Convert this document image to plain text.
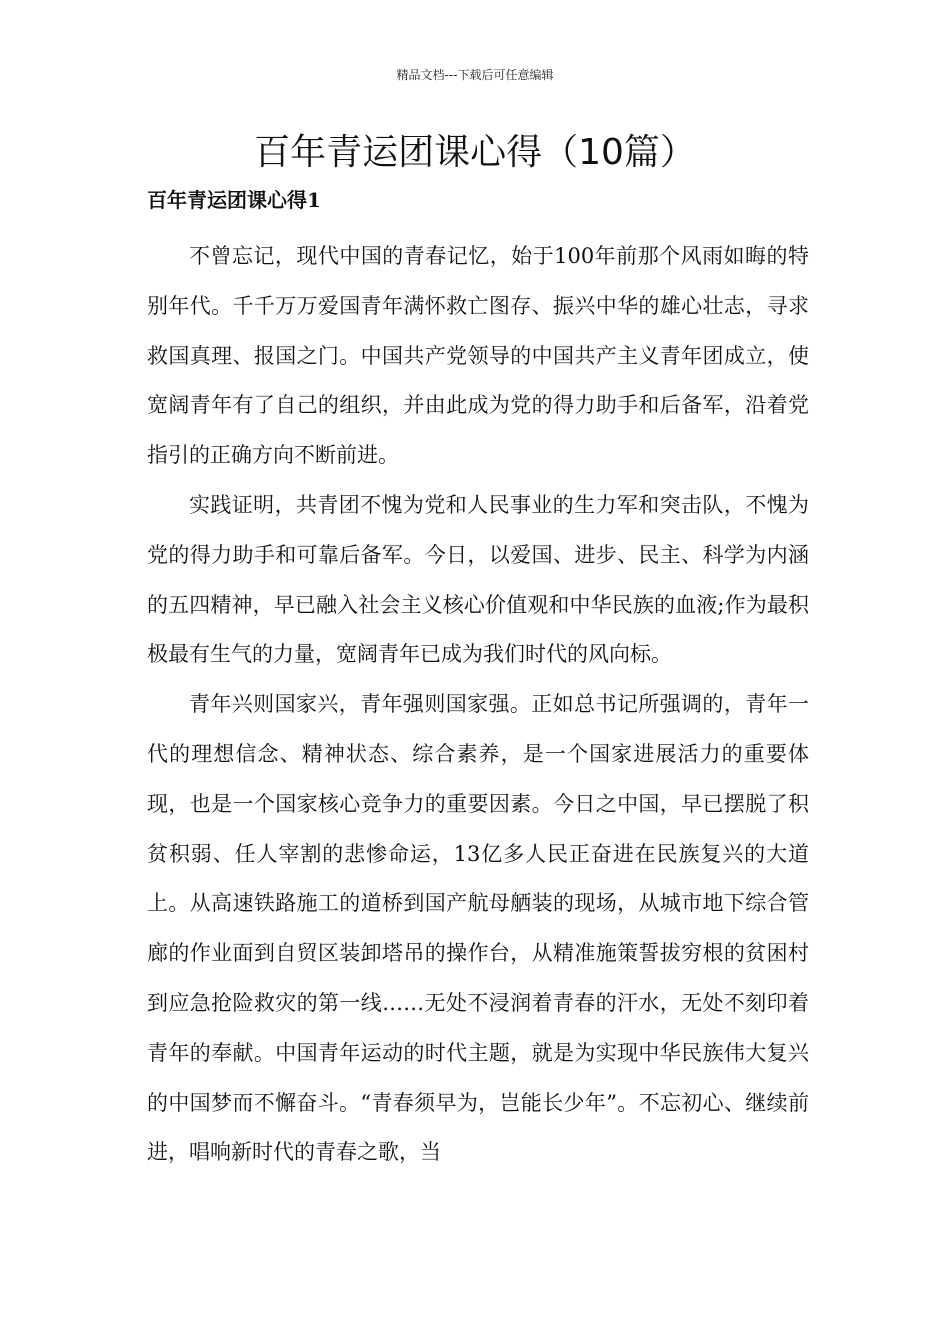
精品文档---下载后可任意编辑
百年青运团课心得（10篇）
百年青运团课心得1

不曾忘记，现代中国的青春记忆，始于100年前那个风雨如晦的特别年代。千千万万爱国青年满怀救亡图存、振兴中华的雄心壮志，寻求救国真理、报国之门。中国共产党领导的中国共产主义青年团成立，使宽阔青年有了自己的组织，并由此成为党的得力助手和后备军，沿着党指引的正确方向不断前进。

实践证明，共青团不愧为党和人民事业的生力军和突击队，不愧为党的得力助手和可靠后备军。今日，以爱国、进步、民主、科学为内涵的五四精神，早已融入社会主义核心价值观和中华民族的血液;作为最积极最有生气的力量，宽阔青年已成为我们时代的风向标。

青年兴则国家兴，青年强则国家强。正如总书记所强调的，青年一代的理想信念、精神状态、综合素养，是一个国家进展活力的重要体现，也是一个国家核心竞争力的重要因素。今日之中国，早已摆脱了积贫积弱、任人宰割的悲惨命运，13亿多人民正奋进在民族复兴的大道上。从高速铁路施工的道桥到国产航母舾装的现场，从城市地下综合管廊的作业面到自贸区装卸塔吊的操作台，从精准施策誓拔穷根的贫困村到应急抢险救灾的第一线……无处不浸润着青春的汗水，无处不刻印着青年的奉献。中国青年运动的时代主题，就是为实现中华民族伟大复兴的中国梦而不懈奋斗。“青春须早为，岂能长少年”。不忘初心、继续前进，唱响新时代的青春之歌，当
